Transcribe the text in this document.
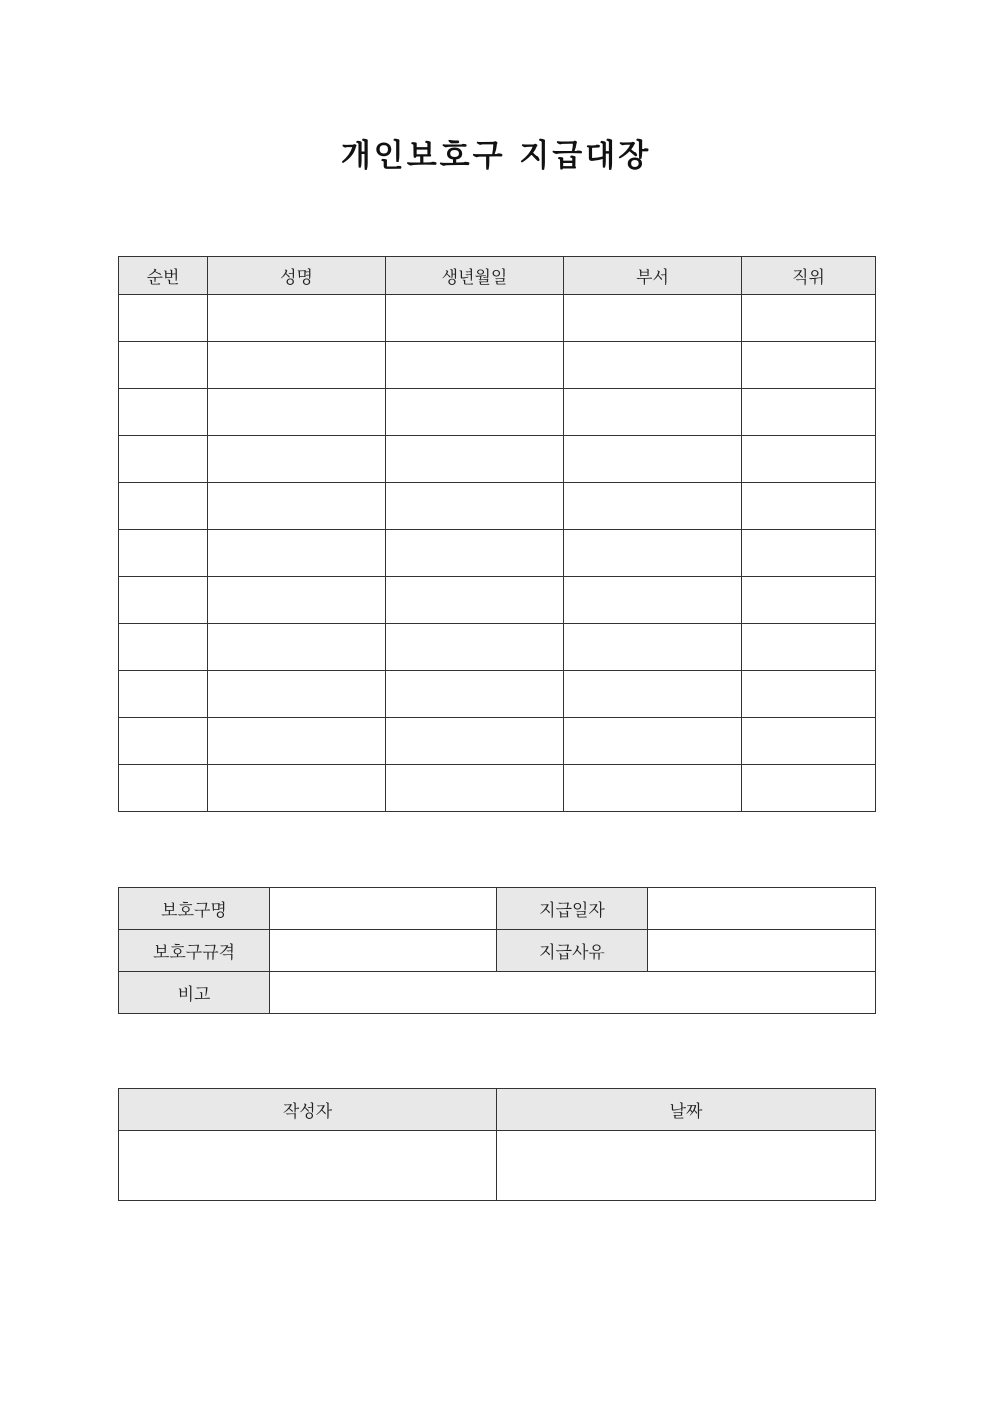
개인보호구 지급대장
순번	성명	생년월일	부서	직위

보호구명		지급일자	
보호구규격		지급사유	
비고			
작성자	날짜
